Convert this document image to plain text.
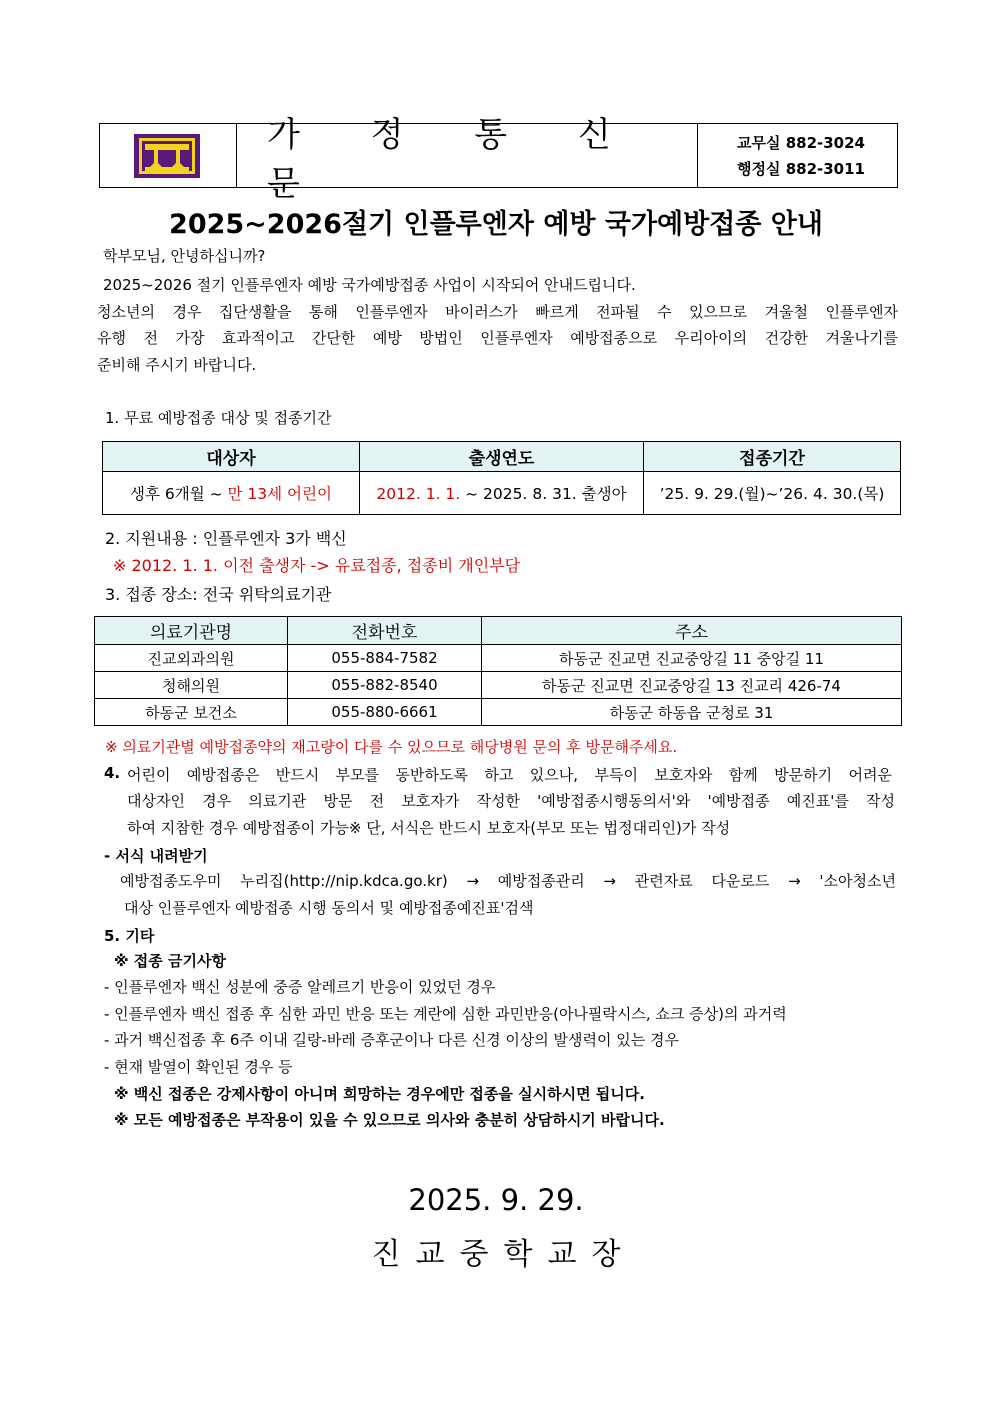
가 정 통 신 문
교무실 882-3024
행정실 882-3011
2025~2026절기 인플루엔자 예방 국가예방접종 안내
학부모님, 안녕하십니까?
2025~2026 절기 인플루엔자 예방 국가예방접종 사업이 시작되어 안내드립니다.
청소년의 경우 집단생활을 통해 인플루엔자 바이러스가 빠르게 전파될 수 있으므로 겨울철 인플루엔자
유행 전 가장 효과적이고 간단한 예방 방법인 인플루엔자 예방접종으로 우리아이의 건강한 겨울나기를
준비해 주시기 바랍니다.
1. 무료 예방접종 대상 및 접종기간
대상자	출생연도	접종기간
생후 6개월 ~ 만 13세 어린이	2012. 1. 1. ~ 2025. 8. 31. 출생아	’25. 9. 29.(월)~’26. 4. 30.(목)
2. 지원내용 : 인플루엔자 3가 백신
※ 2012. 1. 1. 이전 출생자 -> 유료접종, 접종비 개인부담
3. 접종 장소: 전국 위탁의료기관
의료기관명	전화번호	주소
진교외과의원	055-884-7582	하동군 진교면 진교중앙길 11 중앙길 11
청해의원	055-882-8540	하동군 진교면 진교중앙길 13 진교리 426-74
하동군 보건소	055-880-6661	하동군 하동읍 군청로 31
※ 의료기관별 예방접종약의 재고량이 다를 수 있으므로 해당병원 문의 후 방문해주세요.
4. 어린이 예방접종은 반드시 부모를 동반하도록 하고 있으나, 부득이 보호자와 함께 방문하기 어려운
대상자인 경우 의료기관 방문 전 보호자가 작성한 '예방접종시행동의서'와 '예방접종 예진표'를 작성
하여 지참한 경우 예방접종이 가능※ 단, 서식은 반드시 보호자(부모 또는 법정대리인)가 작성
- 서식 내려받기
예방접종도우미 누리집(http://nip.kdca.go.kr) → 예방접종관리 → 관련자료 다운로드 → '소아청소년
대상 인플루엔자 예방접종 시행 동의서 및 예방접종예진표'검색
5. 기타
※ 접종 금기사항
- 인플루엔자 백신 성분에 중증 알레르기 반응이 있었던 경우
- 인플루엔자 백신 접종 후 심한 과민 반응 또는 계란에 심한 과민반응(아나필락시스, 쇼크 증상)의 과거력
- 과거 백신접종 후 6주 이내 길랑-바레 증후군이나 다른 신경 이상의 발생력이 있는 경우
- 현재 발열이 확인된 경우 등
※ 백신 접종은 강제사항이 아니며 희망하는 경우에만 접종을 실시하시면 됩니다.
※ 모든 예방접종은 부작용이 있을 수 있으므로 의사와 충분히 상담하시기 바랍니다.
2025. 9. 29.
진교중학교장
